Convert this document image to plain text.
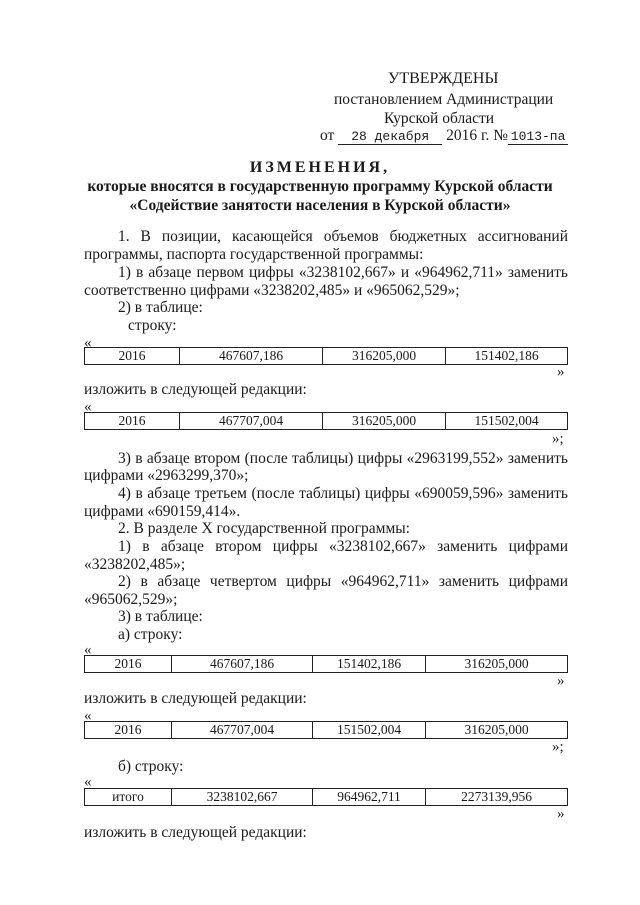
УТВЕРЖДЕНЫ
постановлением Администрации
Курской области
от 28 декабря 2016 г. № 1013-па
ИЗМЕНЕНИЯ,
которые вносятся в государственную программу Курской области
«Содействие занятости населения в Курской области»
1. В позиции, касающейся объемов бюджетных ассигнований
программы, паспорта государственной программы:
1) в абзаце первом цифры «3238102,667» и «964962,711» заменить
соответственно цифрами «3238202,485» и «965062,529»;
2) в таблице:
строку:
«
2016	467607,186	316205,000	151402,186
»
изложить в следующей редакции:
«
2016	467707,004	316205,000	151502,004
»;
3) в абзаце втором (после таблицы) цифры «2963199,552» заменить
цифрами «2963299,370»;
4) в абзаце третьем (после таблицы) цифры «690059,596» заменить
цифрами «690159,414».
2. В разделе X государственной программы:
1) в абзаце втором цифры «3238102,667» заменить цифрами
«3238202,485»;
2) в абзаце четвертом цифры «964962,711» заменить цифрами
«965062,529»;
3) в таблице:
а) строку:
«
2016	467607,186	151402,186	316205,000
»
изложить в следующей редакции:
«
2016	467707,004	151502,004	316205,000
»;
б) строку:
«
итого	3238102,667	964962,711	2273139,956
»
изложить в следующей редакции:
